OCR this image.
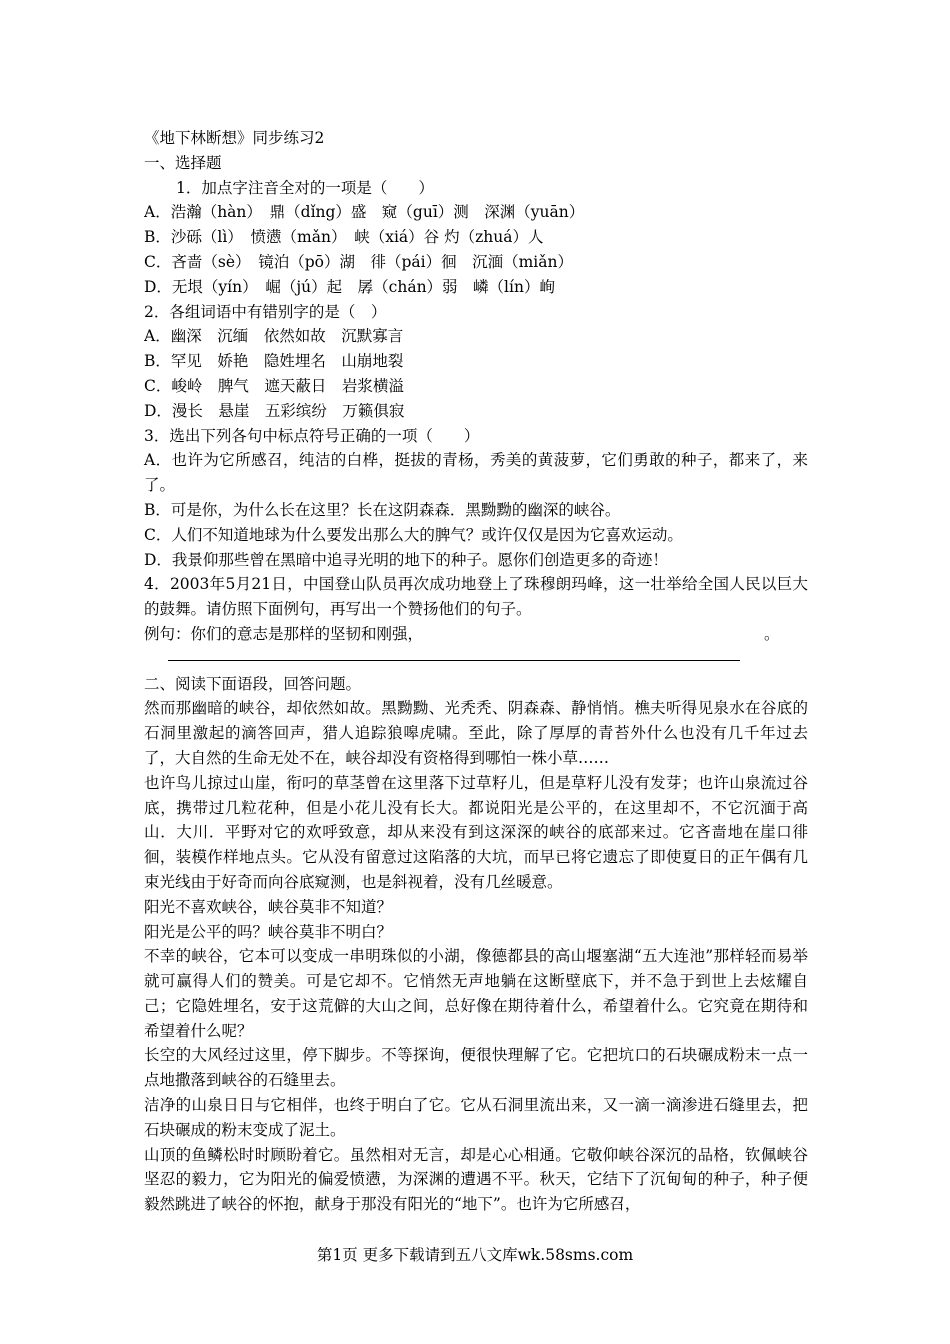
《地下林断想》同步练习2
一、选择题
1．加点字注音全对的一项是（　　）
A．浩瀚（hàn）　鼎（dǐng）盛　窥（guī）测　深渊（yuān）
B．沙砾（lì）　愤懑（mǎn）　峡（xiá）谷 灼（zhuá）人
C．吝啬（sè）　镜泊（pō）湖　徘（pái）徊　沉湎（miǎn）
D．无垠（yín）　崛（jú）起　孱（chán）弱　嶙（lín）峋
2．各组词语中有错别字的是（　）
A．幽深　沉缅　依然如故　沉默寡言
B．罕见　娇艳　隐姓埋名　山崩地裂
C．峻岭　脾气　遮天蔽日　岩浆横溢
D．漫长　悬崖　五彩缤纷　万籁俱寂
3．选出下列各句中标点符号正确的一项（　　）
A．也许为它所感召，纯洁的白桦，挺拔的青杨，秀美的黄菠萝，它们勇敢的种子，都来了，来了。
B．可是你，为什么长在这里？长在这阴森森．黑黝黝的幽深的峡谷。
C．人们不知道地球为什么要发出那么大的脾气？或许仅仅是因为它喜欢运动。
D．我景仰那些曾在黑暗中追寻光明的地下的种子。愿你们创造更多的奇迹！
4．2003年5月21日，中国登山队员再次成功地登上了珠穆朗玛峰，这一壮举给全国人民以巨大的鼓舞。请仿照下面例句，再写出一个赞扬他们的句子。
例句：你们的意志是那样的坚韧和刚强，	。
二、阅读下面语段，回答问题。
然而那幽暗的峡谷，却依然如故。黑黝黝、光秃秃、阴森森、静悄悄。樵夫听得见泉水在谷底的石洞里激起的滴答回声，猎人追踪狼嗥虎啸。至此，除了厚厚的青苔外什么也没有几千年过去了，大自然的生命无处不在，峡谷却没有资格得到哪怕一株小草……
也许鸟儿掠过山崖，衔叼的草茎曾在这里落下过草籽儿，但是草籽儿没有发芽；也许山泉流过谷底，携带过几粒花种，但是小花儿没有长大。都说阳光是公平的，在这里却不，不它沉湎于高山．大川．平野对它的欢呼致意，却从来没有到这深深的峡谷的底部来过。它吝啬地在崖口徘徊，装模作样地点头。它从没有留意过这陷落的大坑，而早已将它遗忘了即使夏日的正午偶有几束光线由于好奇而向谷底窥测，也是斜视着，没有几丝暖意。
阳光不喜欢峡谷，峡谷莫非不知道？
阳光是公平的吗？峡谷莫非不明白？
不幸的峡谷，它本可以变成一串明珠似的小湖，像德都县的高山堰塞湖“五大连池”那样轻而易举就可赢得人们的赞美。可是它却不。它悄然无声地躺在这断壁底下，并不急于到世上去炫耀自己；它隐姓埋名，安于这荒僻的大山之间，总好像在期待着什么，希望着什么。它究竟在期待和希望着什么呢？
长空的大风经过这里，停下脚步。不等探询，便很快理解了它。它把坑口的石块碾成粉末一点一点地撒落到峡谷的石缝里去。
洁净的山泉日日与它相伴，也终于明白了它。它从石洞里流出来，又一滴一滴渗进石缝里去，把石块碾成的粉末变成了泥土。
山顶的鱼鳞松时时顾盼着它。虽然相对无言，却是心心相通。它敬仰峡谷深沉的品格，钦佩峡谷坚忍的毅力，它为阳光的偏爱愤懑，为深渊的遭遇不平。秋天，它结下了沉甸甸的种子，种子便毅然跳进了峡谷的怀抱，献身于那没有阳光的“地下”。也许为它所感召，
第1页 更多下载请到五八文库wk.58sms.com
